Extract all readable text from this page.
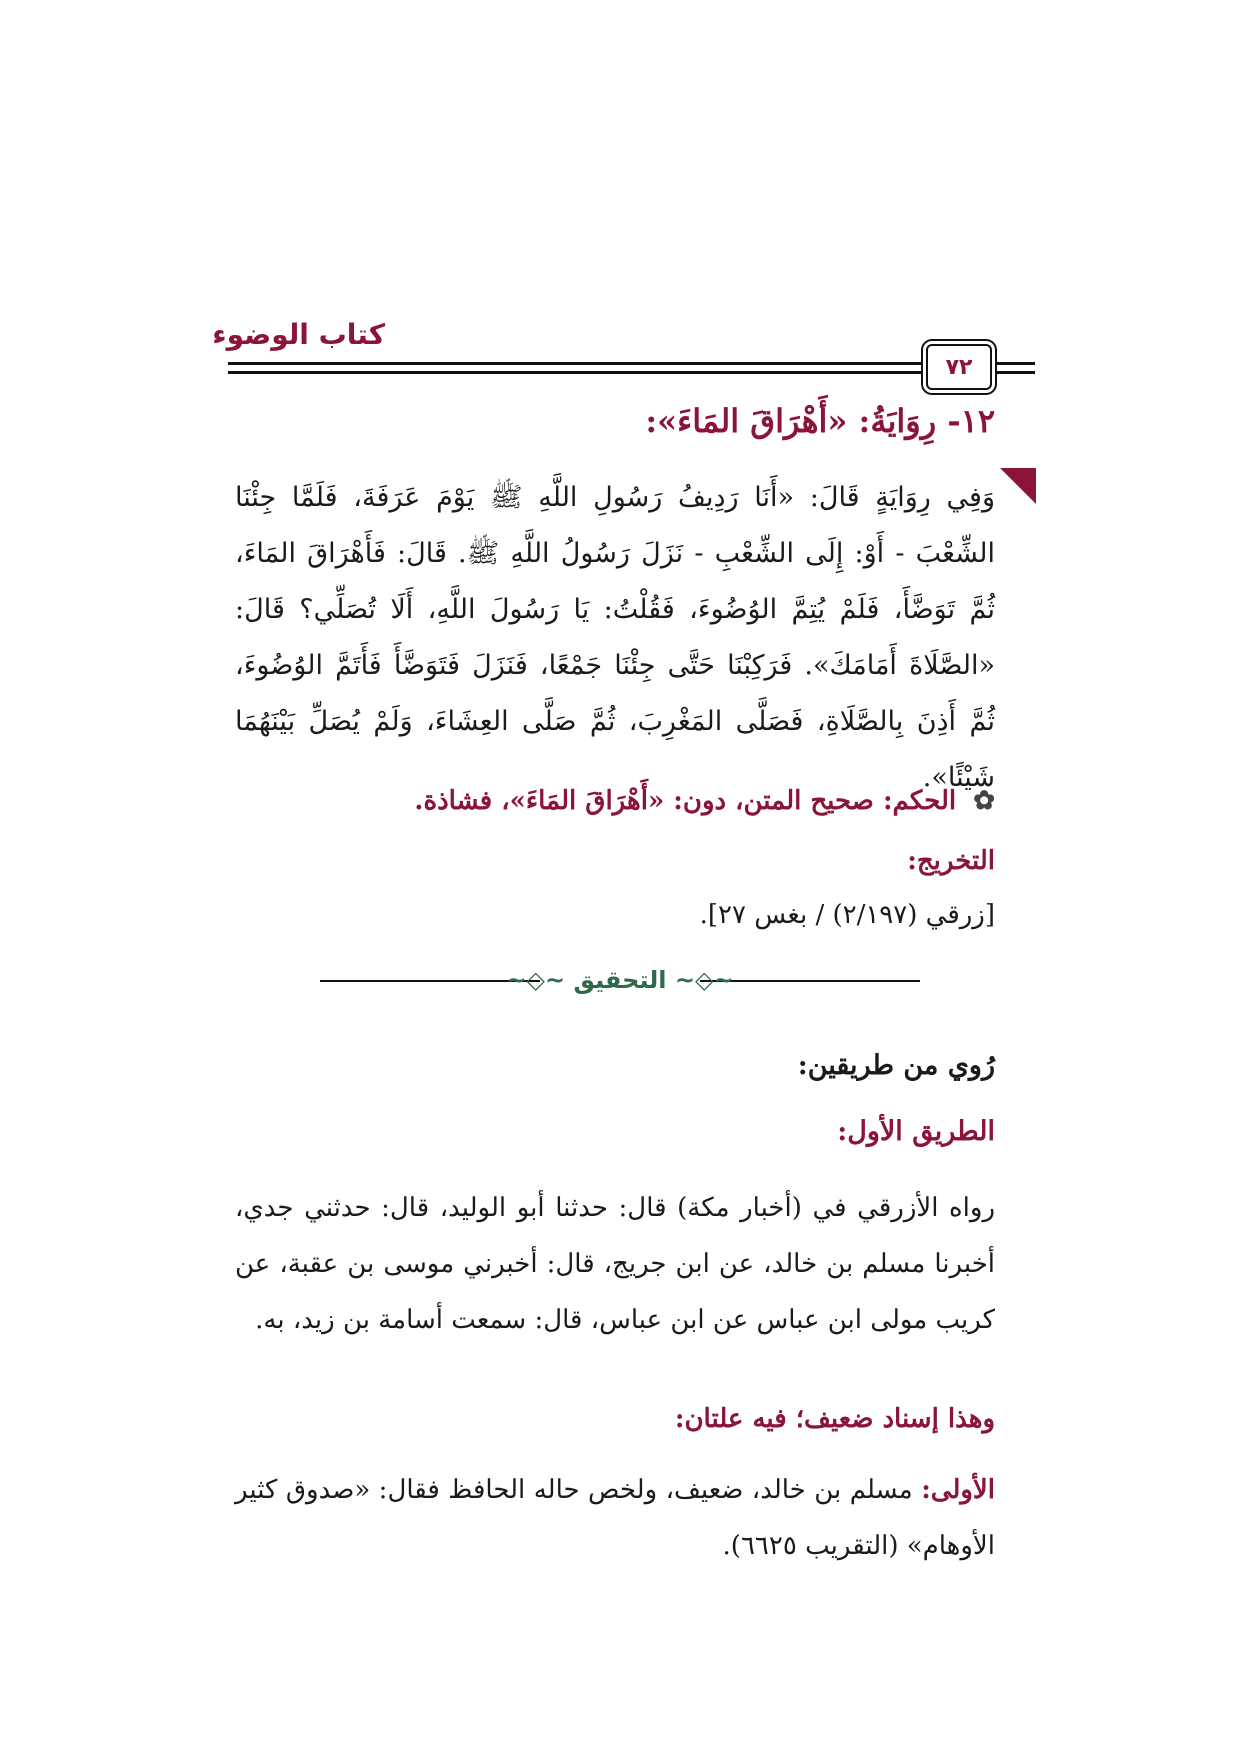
كتاب الوضوء
٧٢
١٢- رِوَايَةُ: «أَهْرَاقَ المَاءَ»:
وَفِي رِوَايَةٍ قَالَ: «أَنَا رَدِيفُ رَسُولِ اللَّهِ ﷺ يَوْمَ عَرَفَةَ، فَلَمَّا جِئْنَا الشِّعْبَ - أَوْ: إِلَى الشِّعْبِ - نَزَلَ رَسُولُ اللَّهِ ﷺ. قَالَ: فَأَهْرَاقَ المَاءَ، ثُمَّ تَوَضَّأَ، فَلَمْ يُتِمَّ الوُضُوءَ، فَقُلْتُ: يَا رَسُولَ اللَّهِ، أَلَا تُصَلِّي؟ قَالَ: «الصَّلَاةَ أَمَامَكَ». فَرَكِبْنَا حَتَّى جِئْنَا جَمْعًا، فَنَزَلَ فَتَوَضَّأَ فَأَتَمَّ الوُضُوءَ، ثُمَّ أَذِنَ بِالصَّلَاةِ، فَصَلَّى المَغْرِبَ، ثُمَّ صَلَّى العِشَاءَ، وَلَمْ يُصَلِّ بَيْنَهُمَا شَيْئًا».
✿ الحكم: صحيح المتن، دون: «أَهْرَاقَ المَاءَ»، فشاذة.
التخريج:
[زرقي (٢/١٩٧) / بغس ٢٧].
~◇~ التحقيق ~◇~
رُوي من طريقين:
الطريق الأول:
رواه الأزرقي في (أخبار مكة) قال: حدثنا أبو الوليد، قال: حدثني جدي، أخبرنا مسلم بن خالد، عن ابن جريج، قال: أخبرني موسى بن عقبة، عن كريب مولى ابن عباس عن ابن عباس، قال: سمعت أسامة بن زيد، به.
وهذا إسناد ضعيف؛ فيه علتان:
الأولى: مسلم بن خالد، ضعيف، ولخص حاله الحافظ فقال: «صدوق كثير الأوهام» (التقريب ٦٦٢٥).
